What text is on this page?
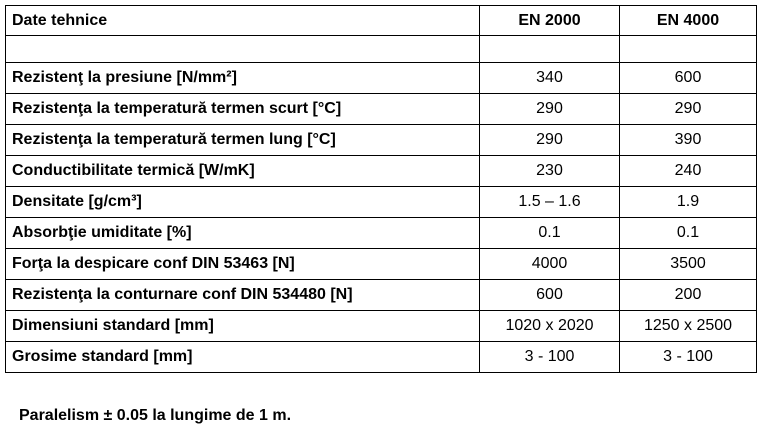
Date tehnice	EN 2000	EN 4000

Rezistenţ la presiune [N/mm²]	340	600
Rezistenţa la temperatură termen scurt [°C]	290	290
Rezistenţa la temperatură termen lung [°C]	290	390
Conductibilitate termică [W/mK]	230	240
Densitate [g/cm³]	1.5 – 1.6	1.9
Absorbţie umiditate [%]	0.1	0.1
Forţa la despicare conf DIN 53463 [N]	4000	3500
Rezistenţa la conturnare conf DIN 534480 [N]	600	200
Dimensiuni standard [mm]	1020 x 2020	1250 x 2500
Grosime standard [mm]	3 - 100	3 - 100
Paralelism ± 0.05 la lungime de 1 m.
